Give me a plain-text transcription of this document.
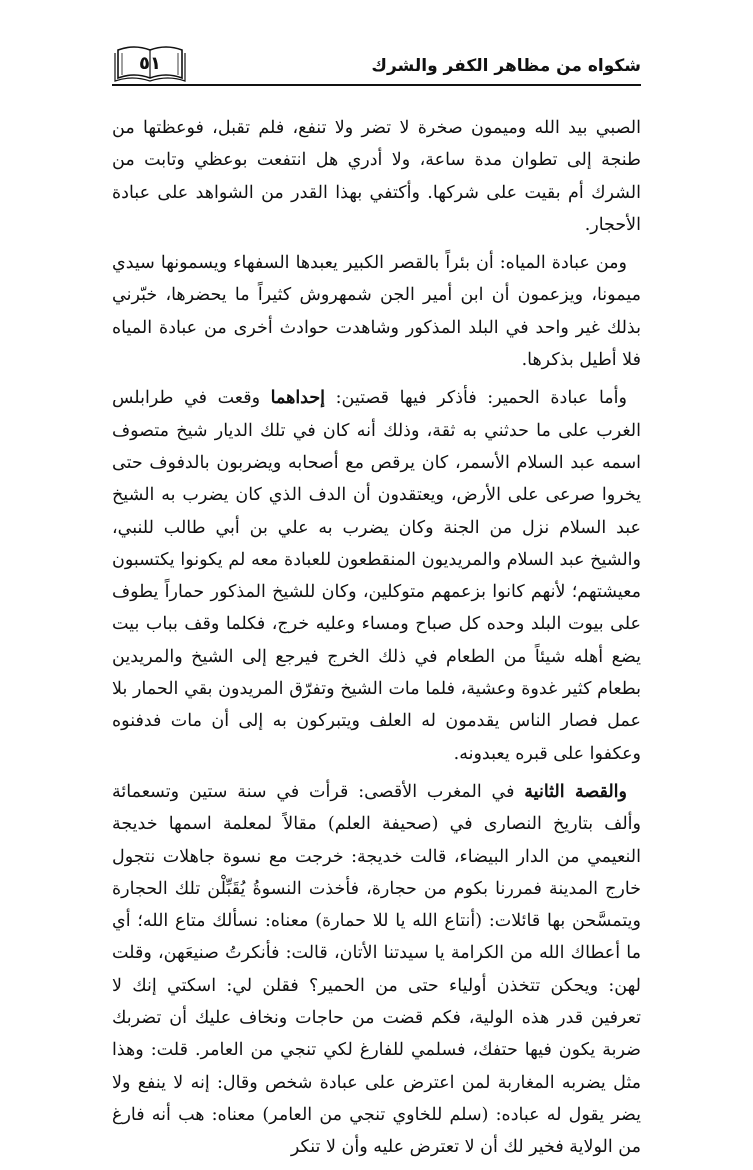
شكواه من مظاهر الكفر والشرك
٥١

الصبي بيد الله وميمون صخرة لا تضر ولا تنفع، فلم تقبل، فوعظتها من طنجة إلى تطوان مدة ساعة، ولا أدري هل انتفعت بوعظي وتابت من الشرك أم بقيت على شركها. وأكتفي بهذا القدر من الشواهد على عبادة الأحجار.

ومن عبادة المياه: أن بئراً بالقصر الكبير يعبدها السفهاء ويسمونها سيدي ميمونا، ويزعمون أن ابن أمير الجن شمهروش كثيراً ما يحضرها، خبّرني بذلك غير واحد في البلد المذكور وشاهدت حوادث أخرى من عبادة المياه فلا أطيل بذكرها.

وأما عبادة الحمير: فأذكر فيها قصتين: إحداهما وقعت في طرابلس الغرب على ما حدثني به ثقة، وذلك أنه كان في تلك الديار شيخ متصوف اسمه عبد السلام الأسمر، كان يرقص مع أصحابه ويضربون بالدفوف حتى يخروا صرعى على الأرض، ويعتقدون أن الدف الذي كان يضرب به الشيخ عبد السلام نزل من الجنة وكان يضرب به علي بن أبي طالب للنبي، والشيخ عبد السلام والمريديون المنقطعون للعبادة معه لم يكونوا يكتسبون معيشتهم؛ لأنهم كانوا بزعمهم متوكلين، وكان للشيخ المذكور حماراً يطوف على بيوت البلد وحده كل صباح ومساء وعليه خرج، فكلما وقف بباب بيت يضع أهله شيئاً من الطعام في ذلك الخرج فيرجع إلى الشيخ والمريدين بطعام كثير غدوة وعشية، فلما مات الشيخ وتفرّق المريدون بقي الحمار بلا عمل فصار الناس يقدمون له العلف ويتبركون به إلى أن مات فدفنوه وعكفوا على قبره يعبدونه.

والقصة الثانية في المغرب الأقصى: قرأت في سنة ستين وتسعمائة وألف بتاريخ النصارى في (صحيفة العلم) مقالاً لمعلمة اسمها خديجة النعيمي من الدار البيضاء، قالت خديجة: خرجت مع نسوة جاهلات نتجول خارج المدينة فمررنا بكوم من حجارة، فأخذت النسوةُ يُقَبِّلْن تلك الحجارة ويتمسَّحن بها قائلات: (أنتاع الله يا للا حمارة) معناه: نسألك متاع الله؛ أي ما أعطاك الله من الكرامة يا سيدتنا الأتان، قالت: فأنكرتُ صنيعَهن، وقلت لهن: ويحكن تتخذن أولياء حتى من الحمير؟ فقلن لي: اسكتي إنك لا تعرفين قدر هذه الولية، فكم قضت من حاجات ونخاف عليك أن تضربك ضربة يكون فيها حتفك، فسلمي للفارغ لكي تنجي من العامر. قلت: وهذا مثل يضربه المغاربة لمن اعترض على عبادة شخص وقال: إنه لا ينفع ولا يضر يقول له عباده: (سلم للخاوي تنجي من العامر) معناه: هب أنه فارغ من الولاية فخير لك أن لا تعترض عليه وأن لا تنكر
